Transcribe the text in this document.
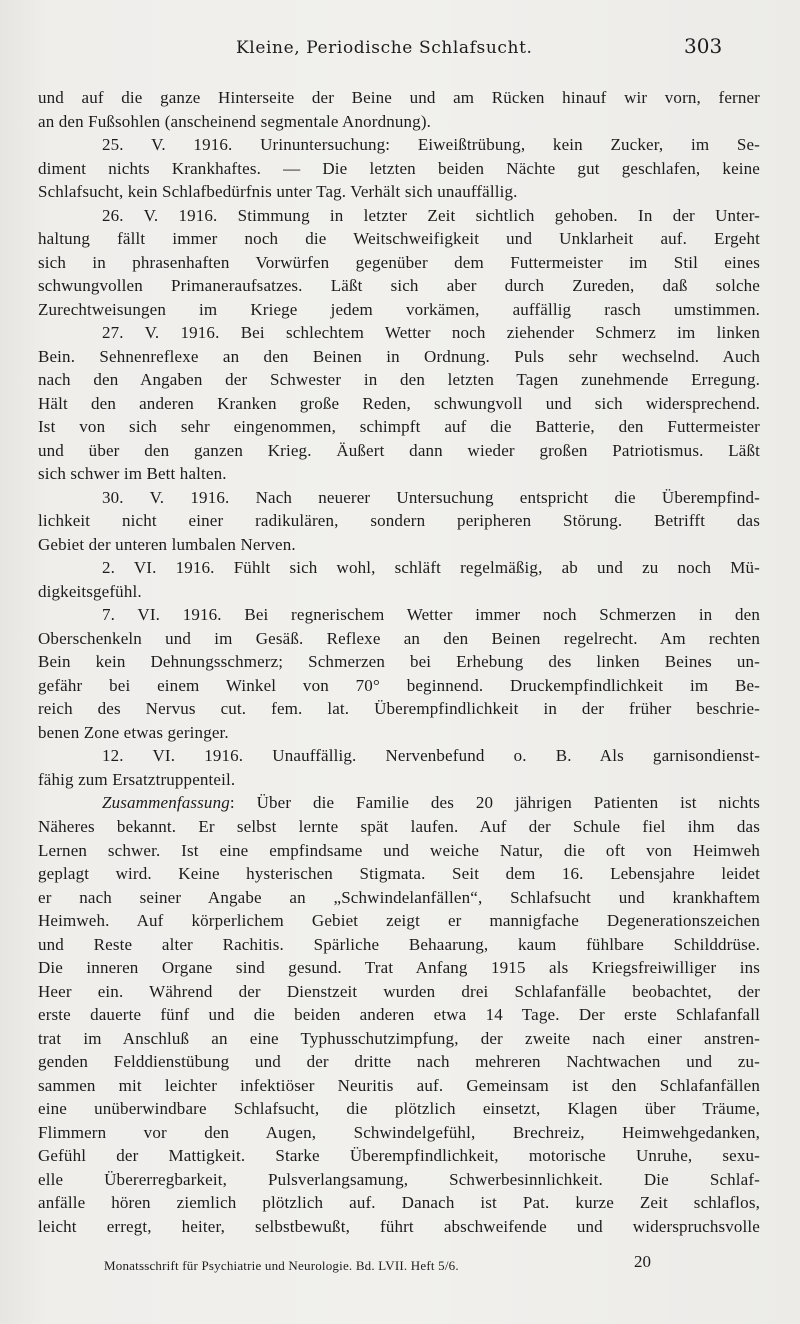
Kleine, Periodische Schlafsucht.	303
und auf die ganze Hinterseite der Beine und am Rücken hinauf wir vorn, ferner
an den Fußsohlen (anscheinend segmentale Anordnung).
25. V. 1916. Urinuntersuchung: Eiweißtrübung, kein Zucker, im Se-
diment nichts Krankhaftes. — Die letzten beiden Nächte gut geschlafen, keine
Schlafsucht, kein Schlafbedürfnis unter Tag. Verhält sich unauffällig.
26. V. 1916. Stimmung in letzter Zeit sichtlich gehoben. In der Unter-
haltung fällt immer noch die Weitschweifigkeit und Unklarheit auf. Ergeht
sich in phrasenhaften Vorwürfen gegenüber dem Futtermeister im Stil eines
schwungvollen Primaneraufsatzes. Läßt sich aber durch Zureden, daß solche
Zurechtweisungen im Kriege jedem vorkämen, auffällig rasch umstimmen.
27. V. 1916. Bei schlechtem Wetter noch ziehender Schmerz im linken
Bein. Sehnenreflexe an den Beinen in Ordnung. Puls sehr wechselnd. Auch
nach den Angaben der Schwester in den letzten Tagen zunehmende Erregung.
Hält den anderen Kranken große Reden, schwungvoll und sich widersprechend.
Ist von sich sehr eingenommen, schimpft auf die Batterie, den Futtermeister
und über den ganzen Krieg. Äußert dann wieder großen Patriotismus. Läßt
sich schwer im Bett halten.
30. V. 1916. Nach neuerer Untersuchung entspricht die Überempfind-
lichkeit nicht einer radikulären, sondern peripheren Störung. Betrifft das
Gebiet der unteren lumbalen Nerven.
2. VI. 1916. Fühlt sich wohl, schläft regelmäßig, ab und zu noch Mü-
digkeitsgefühl.
7. VI. 1916. Bei regnerischem Wetter immer noch Schmerzen in den
Oberschenkeln und im Gesäß. Reflexe an den Beinen regelrecht. Am rechten
Bein kein Dehnungsschmerz; Schmerzen bei Erhebung des linken Beines un-
gefähr bei einem Winkel von 70° beginnend. Druckempfindlichkeit im Be-
reich des Nervus cut. fem. lat. Überempfindlichkeit in der früher beschrie-
benen Zone etwas geringer.
12. VI. 1916. Unauffällig. Nervenbefund o. B. Als garnisondienst-
fähig zum Ersatztruppenteil.
Zusammenfassung: Über die Familie des 20 jährigen Patienten ist nichts
Näheres bekannt. Er selbst lernte spät laufen. Auf der Schule fiel ihm das
Lernen schwer. Ist eine empfindsame und weiche Natur, die oft von Heimweh
geplagt wird. Keine hysterischen Stigmata. Seit dem 16. Lebensjahre leidet
er nach seiner Angabe an „Schwindelanfällen“, Schlafsucht und krankhaftem
Heimweh. Auf körperlichem Gebiet zeigt er mannigfache Degenerationszeichen
und Reste alter Rachitis. Spärliche Behaarung, kaum fühlbare Schilddrüse.
Die inneren Organe sind gesund. Trat Anfang 1915 als Kriegsfreiwilliger ins
Heer ein. Während der Dienstzeit wurden drei Schlafanfälle beobachtet, der
erste dauerte fünf und die beiden anderen etwa 14 Tage. Der erste Schlafanfall
trat im Anschluß an eine Typhusschutzimpfung, der zweite nach einer anstren-
genden Felddienstübung und der dritte nach mehreren Nachtwachen und zu-
sammen mit leichter infektiöser Neuritis auf. Gemeinsam ist den Schlafanfällen
eine unüberwindbare Schlafsucht, die plötzlich einsetzt, Klagen über Träume,
Flimmern vor den Augen, Schwindelgefühl, Brechreiz, Heimwehgedanken,
Gefühl der Mattigkeit. Starke Überempfindlichkeit, motorische Unruhe, sexu-
elle Übererregbarkeit, Pulsverlangsamung, Schwerbesinnlichkeit. Die Schlaf-
anfälle hören ziemlich plötzlich auf. Danach ist Pat. kurze Zeit schlaflos,
leicht erregt, heiter, selbstbewußt, führt abschweifende und widerspruchsvolle
Monatsschrift für Psychiatrie und Neurologie. Bd. LVII. Heft 5/6.	20
